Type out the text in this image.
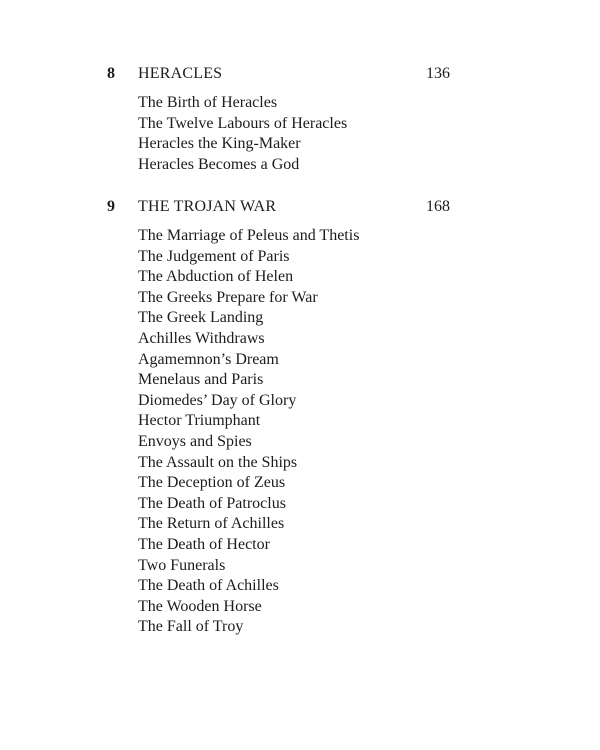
8 HERACLES	136
The Birth of Heracles
The Twelve Labours of Heracles
Heracles the King-Maker
Heracles Becomes a God
9 THE TROJAN WAR	168
The Marriage of Peleus and Thetis
The Judgement of Paris
The Abduction of Helen
The Greeks Prepare for War
The Greek Landing
Achilles Withdraws
Agamemnon’s Dream
Menelaus and Paris
Diomedes’ Day of Glory
Hector Triumphant
Envoys and Spies
The Assault on the Ships
The Deception of Zeus
The Death of Patroclus
The Return of Achilles
The Death of Hector
Two Funerals
The Death of Achilles
The Wooden Horse
The Fall of Troy
